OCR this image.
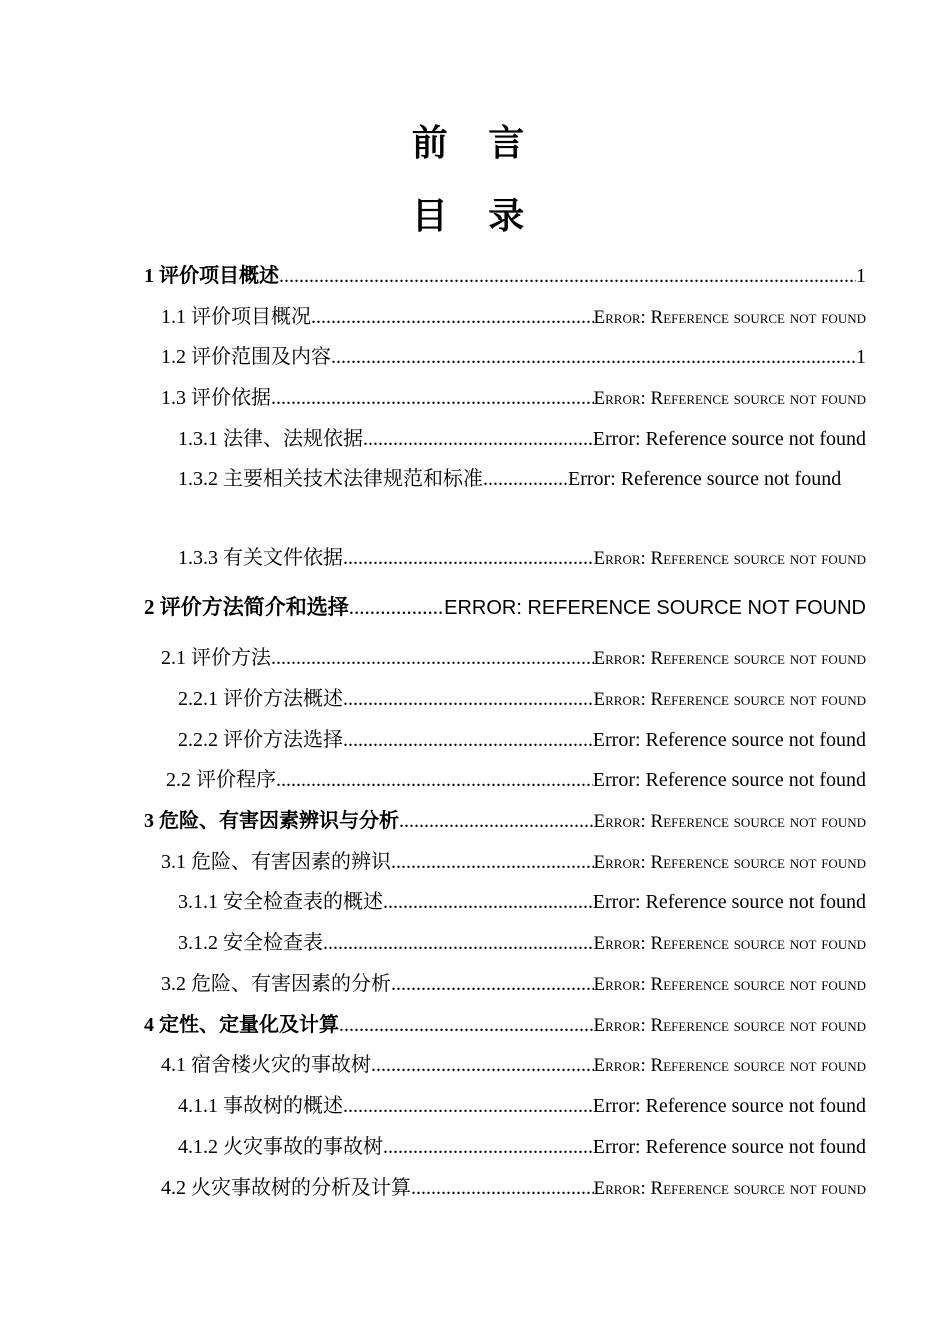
前 言
目 录
1 评价项目概述 .....	1
1.1 评价项目概况 .....	Error: Reference source not found
1.2 评价范围及内容 .....	1
1.3 评价依据 .....	Error: Reference source not found
1.3.1 法律、法规依据 .....	Error: Reference source not found
1.3.2 主要相关技术法律规范和标准 .....	Error: Reference source not found
1.3.3 有关文件依据 .....	Error: Reference source not found
2 评价方法简介和选择 .....	ERROR: REFERENCE SOURCE NOT FOUND
2.1 评价方法 .....	Error: Reference source not found
2.2.1 评价方法概述 .....	Error: Reference source not found
2.2.2 评价方法选择 .....	Error: Reference source not found
2.2 评价程序 .....	Error: Reference source not found
3 危险、有害因素辨识与分析 .....	Error: Reference source not found
3.1 危险、有害因素的辨识 .....	Error: Reference source not found
3.1.1 安全检查表的概述 .....	Error: Reference source not found
3.1.2 安全检查表 .....	Error: Reference source not found
3.2 危险、有害因素的分析 .....	Error: Reference source not found
4 定性、定量化及计算 .....	Error: Reference source not found
4.1 宿舍楼火灾的事故树 .....	Error: Reference source not found
4.1.1 事故树的概述 .....	Error: Reference source not found
4.1.2 火灾事故的事故树 .....	Error: Reference source not found
4.2 火灾事故树的分析及计算 .....	Error: Reference source not found
